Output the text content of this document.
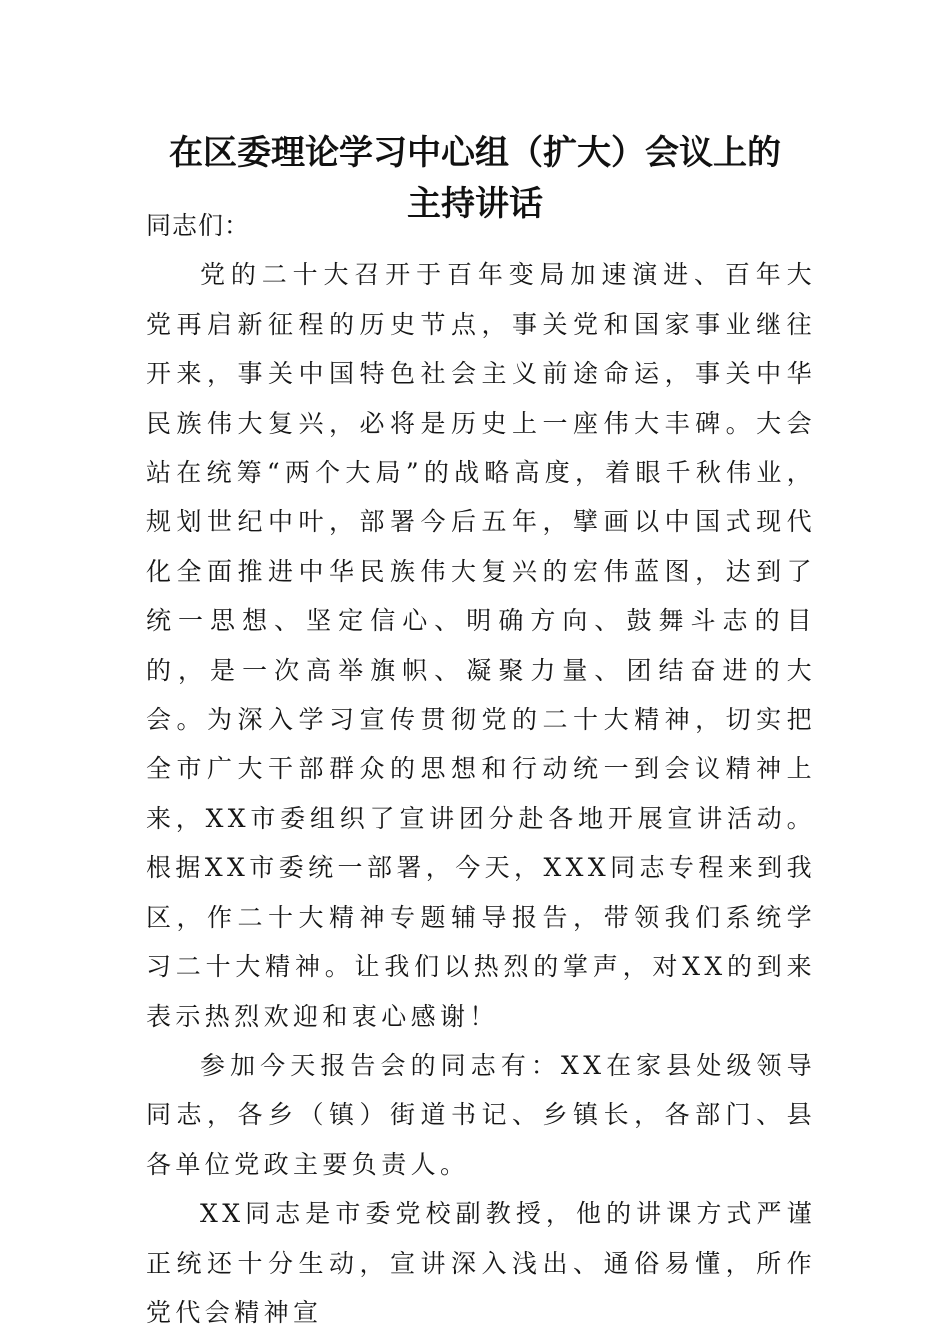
在区委理论学习中心组（扩大）会议上的
主持讲话

同志们：

党的二十大召开于百年变局加速演进、百年大党再启新征程的历史节点，事关党和国家事业继往开来，事关中国特色社会主义前途命运，事关中华民族伟大复兴，必将是历史上一座伟大丰碑。大会站在统筹“两个大局”的战略高度，着眼千秋伟业，规划世纪中叶，部署今后五年，擘画以中国式现代化全面推进中华民族伟大复兴的宏伟蓝图，达到了统一思想、坚定信心、明确方向、鼓舞斗志的目的，是一次高举旗帜、凝聚力量、团结奋进的大会。为深入学习宣传贯彻党的二十大精神，切实把全市广大干部群众的思想和行动统一到会议精神上来，XX市委组织了宣讲团分赴各地开展宣讲活动。根据XX市委统一部署，今天，XXX同志专程来到我区，作二十大精神专题辅导报告，带领我们系统学习二十大精神。让我们以热烈的掌声，对XX的到来表示热烈欢迎和衷心感谢！

参加今天报告会的同志有：XX在家县处级领导同志，各乡（镇）街道书记、乡镇长，各部门、县各单位党政主要负责人。

XX同志是市委党校副教授，他的讲课方式严谨正统还十分生动，宣讲深入浅出、通俗易懂，所作党代会精神宣
